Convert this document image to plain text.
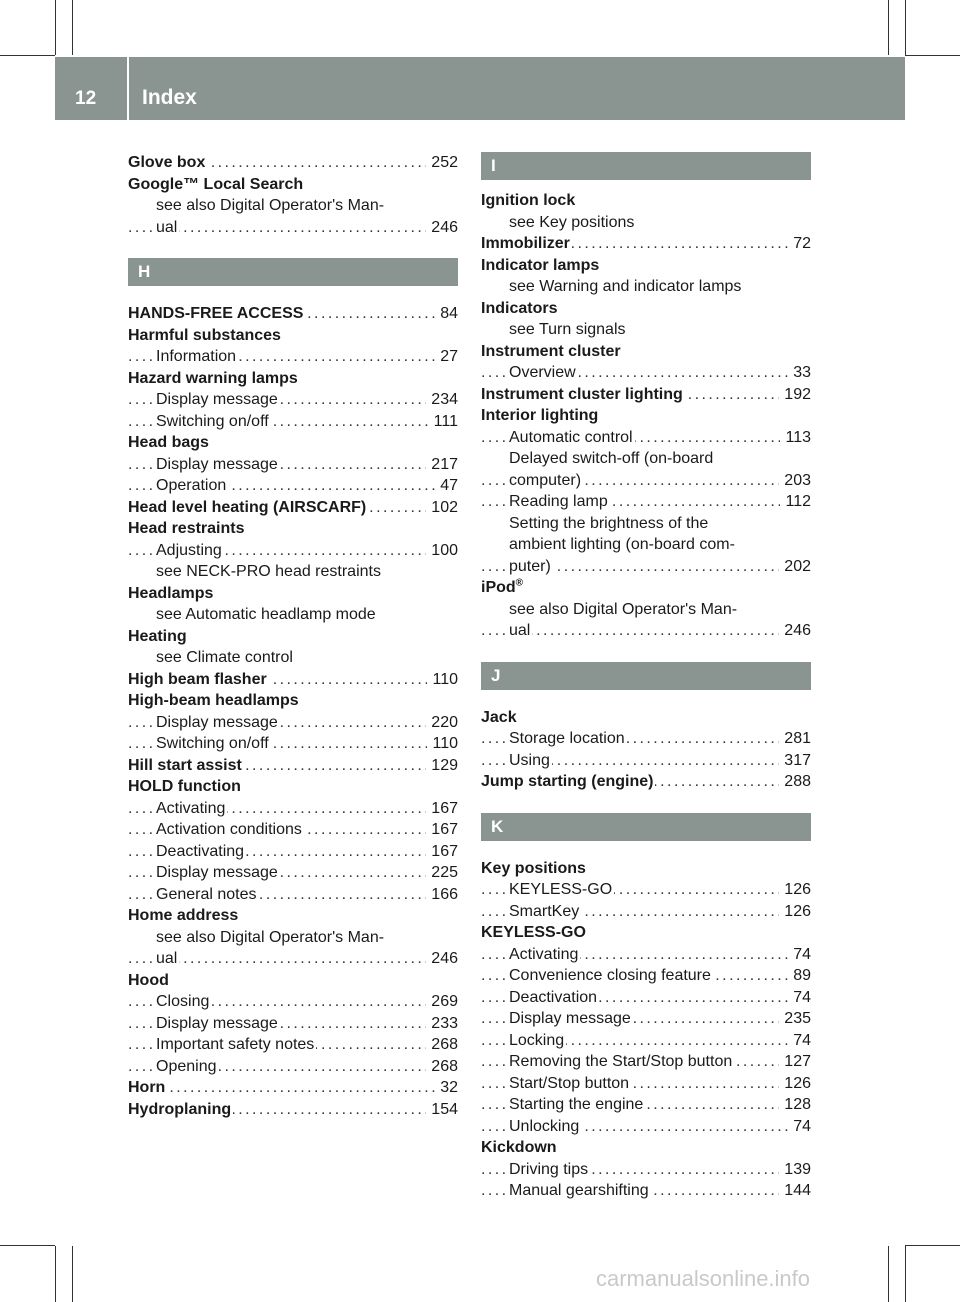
12 Index
Glove box	252
. . .
Google™ Local Search
see also Digital Operator's Man-
ual	246
. . .
H
HANDS-FREE ACCESS	84
. . .
Harmful substances
Information	27
. . .
Hazard warning lamps
Display message	234
. . .
Switching on/off	111
. . .
Head bags
Display message	217
. . .
Operation	47
. . .
Head level heating (AIRSCARF)	102
. . .
Head restraints
Adjusting	100
. . .
see NECK-PRO head restraints
Headlamps
see Automatic headlamp mode
Heating
see Climate control
High beam flasher	110
. . .
High-beam headlamps
Display message	220
. . .
Switching on/off	110
. . .
Hill start assist	129
. . .
HOLD function
Activating	167
. . .
Activation conditions	167
. . .
Deactivating	167
. . .
Display message	225
. . .
General notes	166
. . .
Home address
see also Digital Operator's Man-
ual	246
. . .
Hood
Closing	269
. . .
Display message	233
. . .
Important safety notes	268
. . .
Opening	268
. . .
Horn	32
. . .
Hydroplaning	154
. . .
I
Ignition lock
see Key positions
Immobilizer	72
. . .
Indicator lamps
see Warning and indicator lamps
Indicators
see Turn signals
Instrument cluster
Overview	33
. . .
Instrument cluster lighting	192
. . .
Interior lighting
Automatic control	113
. . .
Delayed switch-off (on-board
computer)	203
. . .
Reading lamp	112
. . .
Setting the brightness of the
ambient lighting (on-board com-
puter)	202
. . .
iPod®
see also Digital Operator's Man-
ual	246
. . .
J
Jack
Storage location	281
. . .
Using	317
. . .
Jump starting (engine)	288
. . .
K
Key positions
KEYLESS-GO	126
. . .
SmartKey	126
. . .
KEYLESS-GO
Activating	74
. . .
Convenience closing feature	89
. . .
Deactivation	74
. . .
Display message	235
. . .
Locking	74
. . .
Removing the Start/Stop button	127
. . .
Start/Stop button	126
. . .
Starting the engine	128
. . .
Unlocking	74
. . .
Kickdown
Driving tips	139
. . .
Manual gearshifting	144
. . .
carmanualsonline.info
